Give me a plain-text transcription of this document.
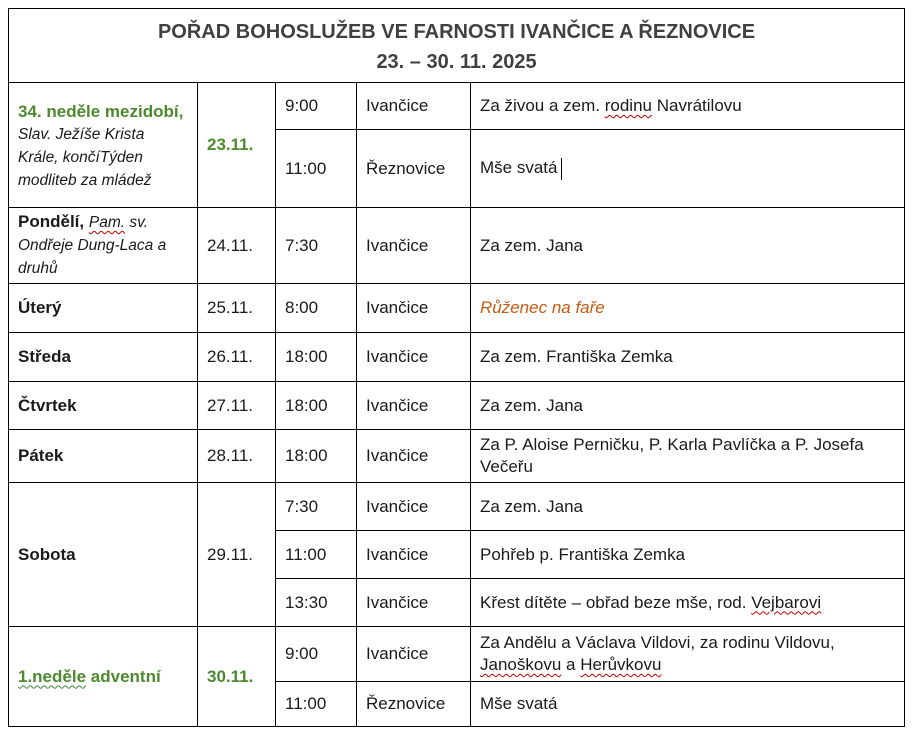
POŘAD BOHOSLUŽEB VE FARNOSTI IVANČICE A ŘEZNOVICE
23. – 30. 11. 2025				

34. neděle mezidobí, Slav. Ježíše Krista Krále, končíTýden modlitеb za mládež	23.11.	9:00	Ivančice	Za živou a zem. rodinu Navrátilovu
		11:00	Řeznovice	Mše svatá
Pondělí, Pam. sv. Ondřeje Dung-Laca a druhů	24.11.	7:30	Ivančice	Za zem. Jana
Úterý	25.11.	8:00	Ivančice	Růženec na faře
Středa	26.11.	18:00	Ivančice	Za zem. Františka Zemka
Čtvrtek	27.11.	18:00	Ivančice	Za zem. Jana
Pátek	28.11.	18:00	Ivančice	Za P. Aloise Perničku, P. Karla Pavlíčka a P. Josefa Večeřu
Sobota	29.11.	7:30	Ivančice	Za zem. Jana
		11:00	Ivančice	Pohřeb p. Františka Zemka
		13:30	Ivančice	Křest dítěte – obřad beze mše, rod. Vejbarovi
1.neděle adventní	30.11.	9:00	Ivančice	Za Andělu a Václava Vildovi, za rodinu Vildovu, Janoškovu a Herůvkovu
		11:00	Řeznovice	Mše svatá
